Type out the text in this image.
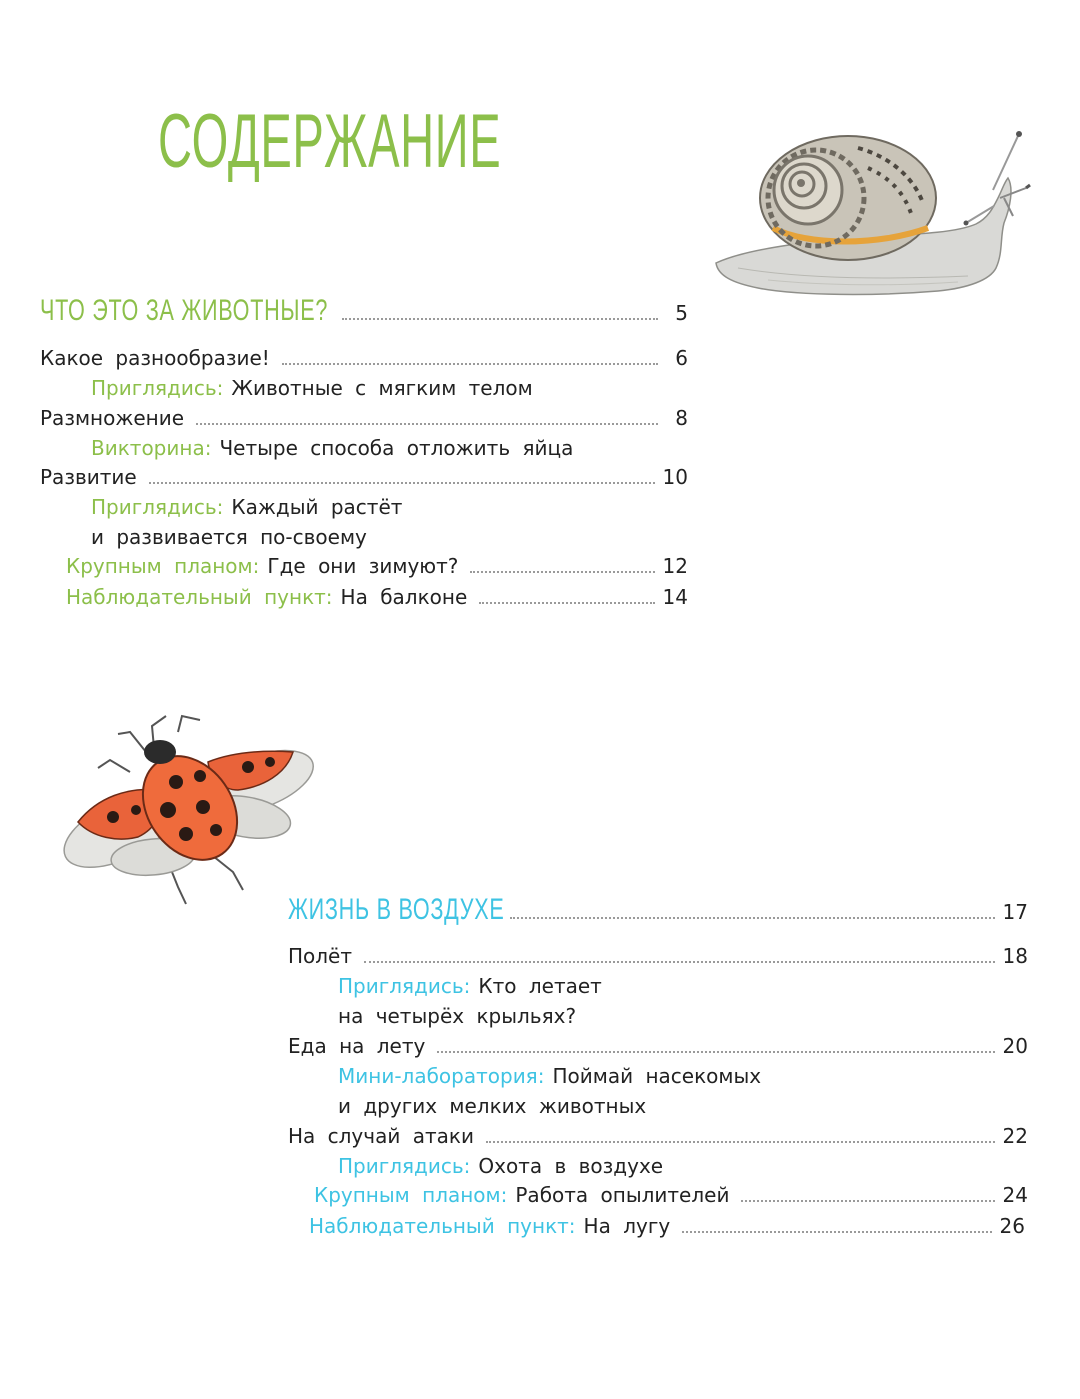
СОДЕРЖАНИЕ
ЧТО ЭТО ЗА ЖИВОТНЫЕ?	5
Какое разнообразие!	6
Приглядись: Животные с мягким телом
Размножение	8
Викторина: Четыре способа отложить яйца
Развитие	10
Приглядись: Каждый растёт
и развивается по-своему
Крупным планом: Где они зимуют?	12
Наблюдательный пункт: На балконе	14
ЖИЗНЬ В ВОЗДУХЕ	17
Полёт	18
Приглядись: Кто летает
на четырёх крыльях?
Еда на лету	20
Мини-лаборатория: Поймай насекомых
и других мелких животных
На случай атаки	22
Приглядись: Охота в воздухе
Крупным планом: Работа опылителей	24
Наблюдательный пункт: На лугу	26
